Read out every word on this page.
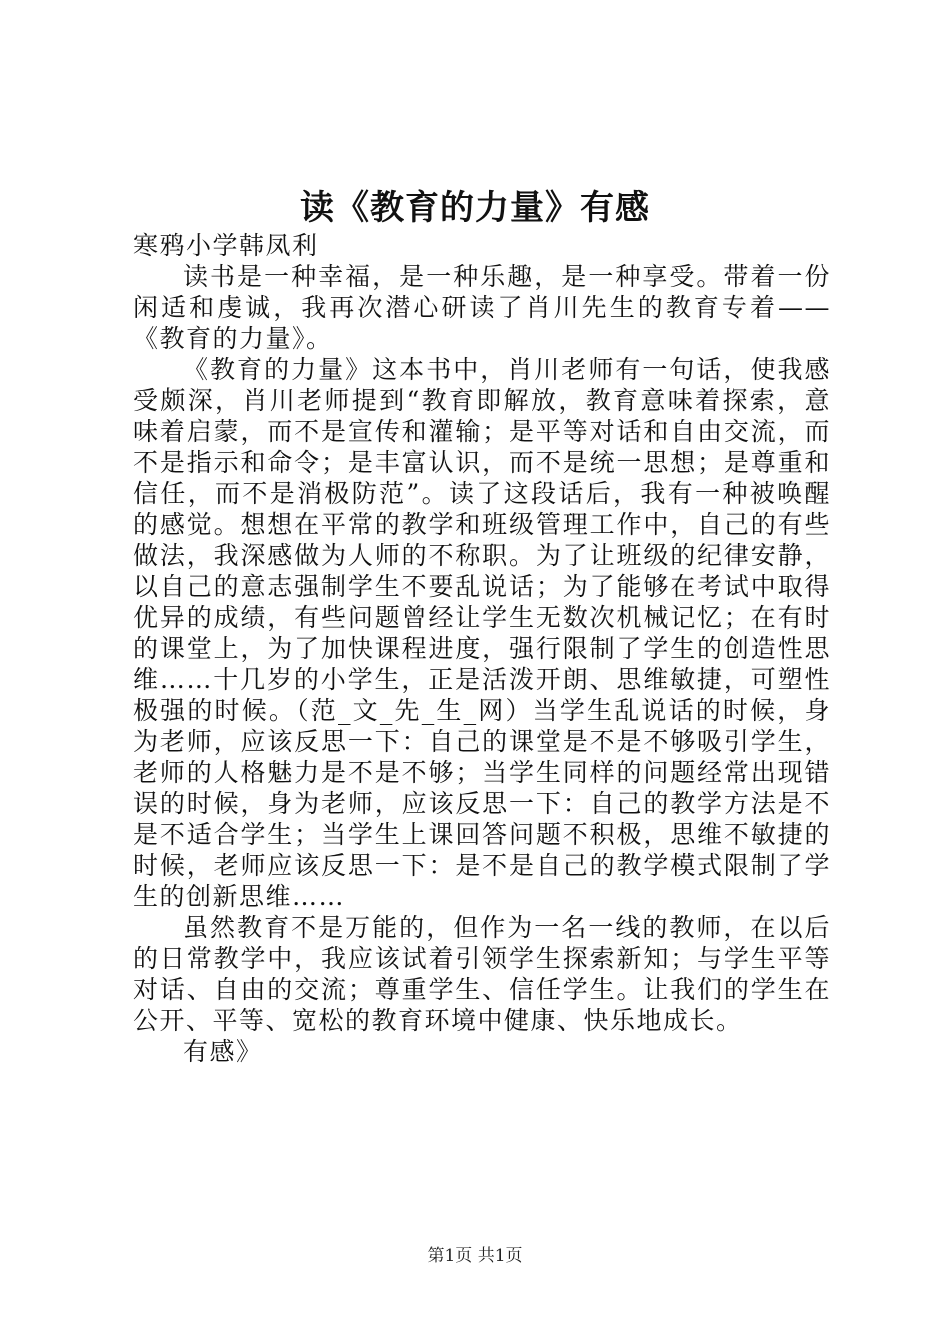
读《教育的力量》有感

寒鸦小学韩凤利

读书是一种幸福，是一种乐趣，是一种享受。带着一份闲适和虔诚，我再次潜心研读了肖川先生的教育专着——《教育的力量》。

《教育的力量》这本书中，肖川老师有一句话，使我感受颇深，肖川老师提到“教育即解放，教育意味着探索，意味着启蒙，而不是宣传和灌输；是平等对话和自由交流，而不是指示和命令；是丰富认识，而不是统一思想；是尊重和信任，而不是消极防范”。读了这段话后，我有一种被唤醒的感觉。想想在平常的教学和班级管理工作中，自己的有些做法，我深感做为人师的不称职。为了让班级的纪律安静，以自己的意志强制学生不要乱说话；为了能够在考试中取得优异的成绩，有些问题曾经让学生无数次机械记忆；在有时的课堂上，为了加快课程进度，强行限制了学生的创造性思维……十几岁的小学生，正是活泼开朗、思维敏捷，可塑性极强的时候。（范_文_先_生_网）当学生乱说话的时候，身为老师，应该反思一下：自己的课堂是不是不够吸引学生，老师的人格魅力是不是不够；当学生同样的问题经常出现错误的时候，身为老师，应该反思一下：自己的教学方法是不是不适合学生；当学生上课回答问题不积极，思维不敏捷的时候，老师应该反思一下：是不是自己的教学模式限制了学生的创新思维……

虽然教育不是万能的，但作为一名一线的教师，在以后的日常教学中，我应该试着引领学生探索新知；与学生平等对话、自由的交流；尊重学生、信任学生。让我们的学生在公开、平等、宽松的教育环境中健康、快乐地成长。

有感》

第1页 共1页
